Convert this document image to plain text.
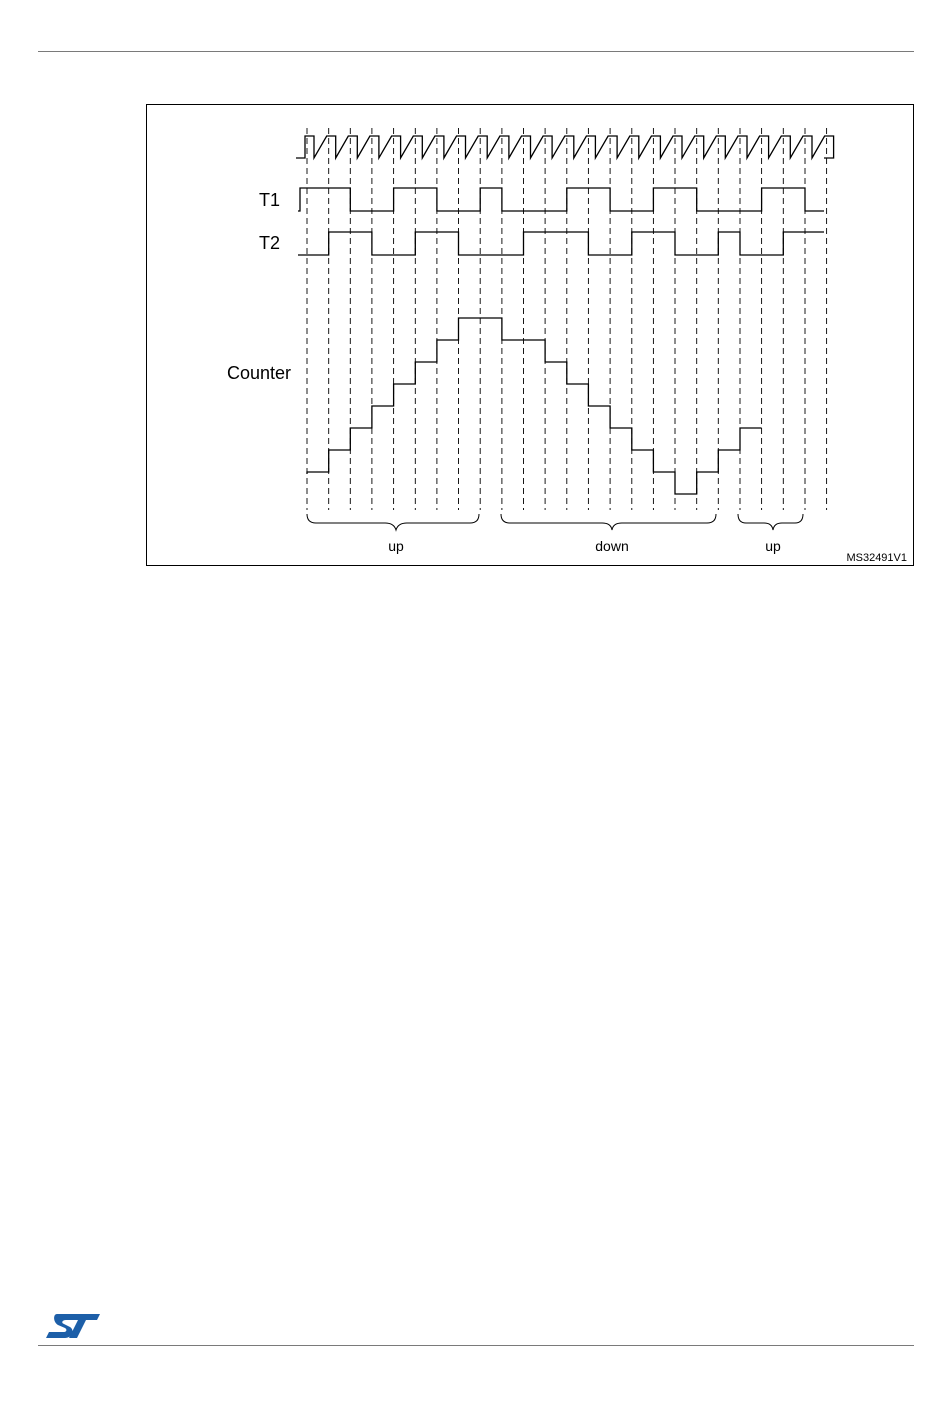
T1
T2
Counter
up	down	up
MS32491V1
